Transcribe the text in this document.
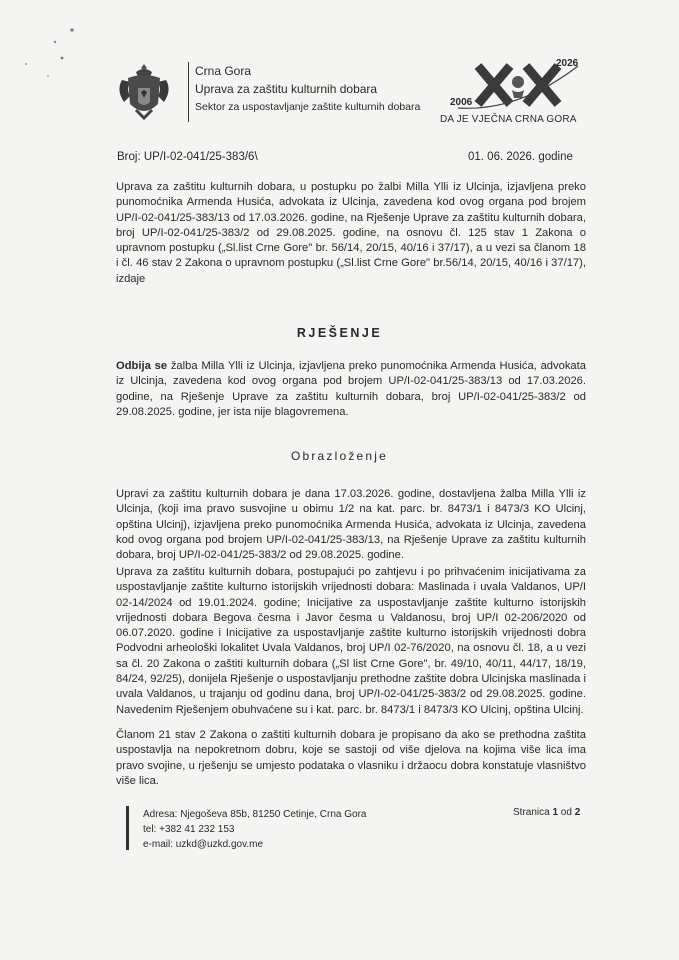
Crna Gora
Uprava za zaštitu kulturnih dobara
Sektor za uspostavljanje zaštite kulturnih dobara
2026
2006
DA JE VJEČNA CRNA GORA
Broj: UP/I-02-041/25-383/6\	01. 06. 2026. godine
Uprava za zaštitu kulturnih dobara, u postupku po žalbi Milla Ylli iz Ulcinja, izjavljena preko punomoćnika Armenda Husića, advokata iz Ulcinja, zavedena kod ovog organa pod brojem UP/I-02-041/25-383/13 od 17.03.2026. godine, na Rješenje Uprave za zaštitu kulturnih dobara, broj UP/I-02-041/25-383/2 od 29.08.2025. godine, na osnovu čl. 125 stav 1 Zakona o upravnom postupku („Sl.list Crne Gore" br. 56/14, 20/15, 40/16 i 37/17), a u vezi sa članom 18 i čl. 46 stav 2 Zakona o upravnom postupku („Sl.list Crne Gore" br.56/14, 20/15, 40/16 i 37/17), izdaje
RJEŠENJE
Odbija se žalba Milla Ylli iz Ulcinja, izjavljena preko punomoćnika Armenda Husića, advokata iz Ulcinja, zavedena kod ovog organa pod brojem UP/I-02-041/25-383/13 od 17.03.2026. godine, na Rješenje Uprave za zaštitu kulturnih dobara, broj UP/I-02-041/25-383/2 od 29.08.2025. godine, jer ista nije blagovremena.
Obrazloženje
Upravi za zaštitu kulturnih dobara je dana 17.03.2026. godine, dostavljena žalba Milla Ylli iz Ulcinja, (koji ima pravo susvojine u obimu 1/2 na kat. parc. br. 8473/1 i 8473/3 KO Ulcinj, opština Ulcinj), izjavljena preko punomoćnika Armenda Husića, advokata iz Ulcinja, zavedena kod ovog organa pod brojem UP/I-02-041/25-383/13, na Rješenje Uprave za zaštitu kulturnih dobara, broj UP/I-02-041/25-383/2 od 29.08.2025. godine.
Uprava za zaštitu kulturnih dobara, postupajući po zahtjevu i po prihvaćenim inicijativama za uspostavljanje zaštite kulturno istorijskih vrijednosti dobara: Maslinada i uvala Valdanos, UP/I 02-14/2024 od 19.01.2024. godine; Inicijative za uspostavljanje zaštite kulturno istorijskih vrijednosti dobara Begova česma i Javor česma u Valdanosu, broj UP/I 02-206/2020 od 06.07.2020. godine i Inicijative za uspostavljanje zaštite kulturno istorijskih vrijednosti dobra Podvodni arheološki lokalitet Uvala Valdanos, broj UP/I 02-76/2020, na osnovu čl. 18, a u vezi sa čl. 20 Zakona o zaštiti kulturnih dobara („Sl list Crne Gore", br. 49/10, 40/11, 44/17, 18/19, 84/24, 92/25), donijela Rješenje o uspostavljanju prethodne zaštite dobra Ulcinjska maslinada i uvala Valdanos, u trajanju od godinu dana, broj UP/I-02-041/25-383/2 od 29.08.2025. godine. Navedenim Rješenjem obuhvaćene su i kat. parc. br. 8473/1 i 8473/3 KO Ulcinj, opština Ulcinj.
Članom 21 stav 2 Zakona o zaštiti kulturnih dobara je propisano da ako se prethodna zaštita uspostavlja na nepokretnom dobru, koje se sastoji od više djelova na kojima više lica ima pravo svojine, u rješenju se umjesto podataka o vlasniku i držaocu dobra konstatuje vlasništvo više lica.
Adresa: Njegoševa 85b, 81250 Cetinje, Crna Gora
tel: +382 41 232 153
e-mail: uzkd@uzkd.gov.me
Stranica 1 od 2
